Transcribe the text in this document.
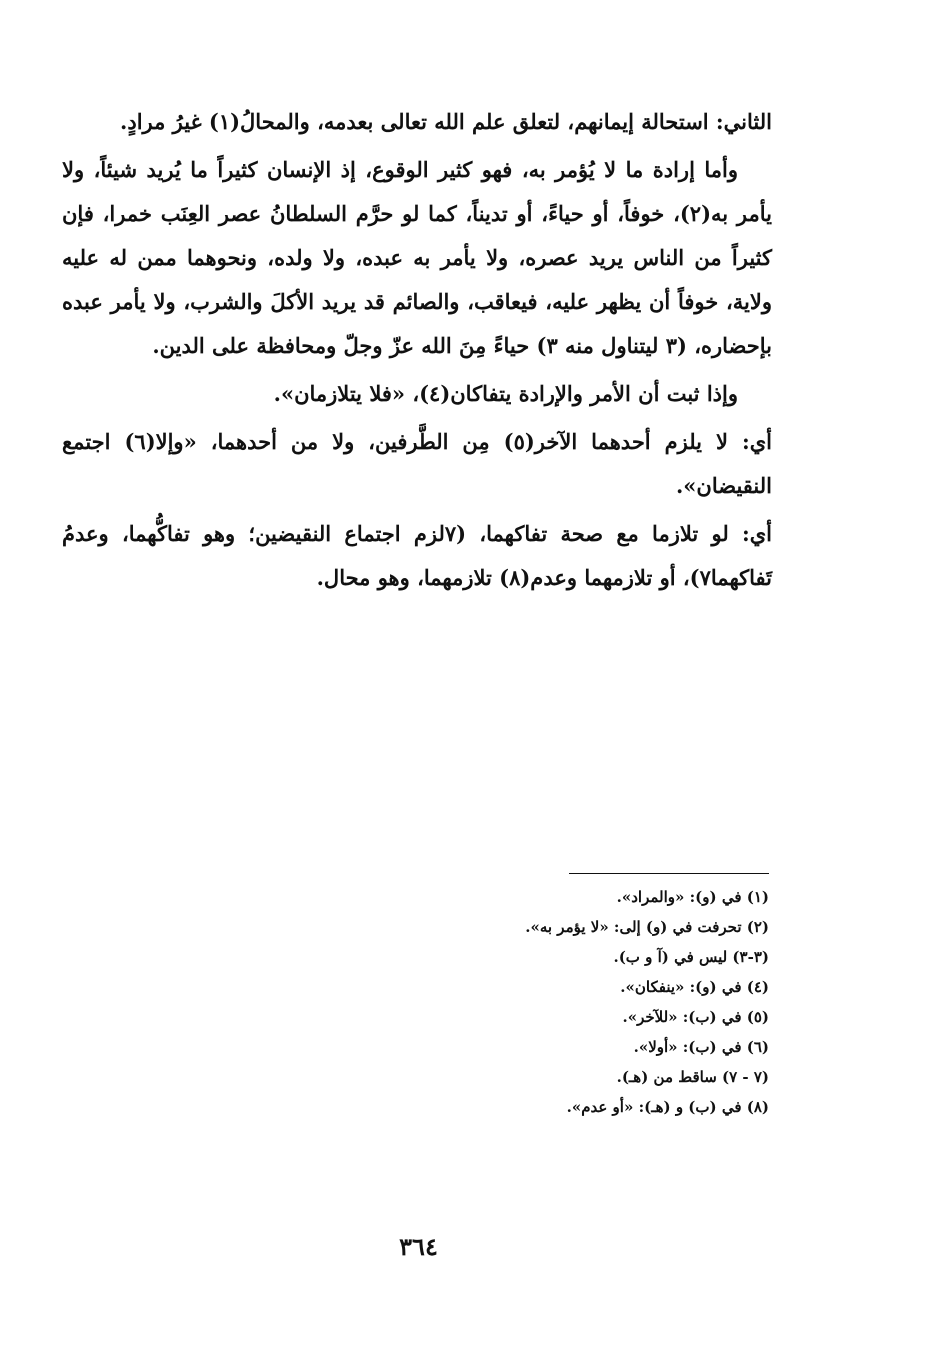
الثاني: استحالة إيمانهم، لتعلق علم الله تعالى بعدمه، والمحالُ(١) غيرُ مرادٍ.

وأما إرادة ما لا يُؤمر به، فهو كثير الوقوع، إذ الإنسان كثيراً ما يُريد شيئاً، ولا يأمر به(٢)، خوفاً، أو حياءً، أو تديناً، كما لو حرَّم السلطانُ عصر العِنَب خمرا، فإن كثيراً من الناس يريد عصره، ولا يأمر به عبده، ولا ولده، ونحوهما ممن له عليه ولاية، خوفاً أن يظهر عليه، فيعاقب، والصائم قد يريد الأكلَ والشرب، ولا يأمر عبده بإحضاره، (٣ ليتناول منه ٣) حياءً مِنَ الله عزّ وجلّ ومحافظة على الدين.

وإذا ثبت أن الأمر والإرادة يتفاكان(٤)، «فلا يتلازمان».

أي: لا يلزم أحدهما الآخر(٥) مِن الطَّرفين، ولا من أحدهما، «وإلا(٦) اجتمع النقيضان».

أي: لو تلازما مع صحة تفاكهما، (٧لزم اجتماع النقيضين؛ وهو تفاكُّهما، وعدمُ تَفاكهما٧)، أو تلازمهما وعدم(٨) تلازمهما، وهو محال.

(١) في (و): «والمراد».
(٢) تحرفت في (و) إلى: «لا يؤمر به».
(٣-٣) ليس في (آ و ب).
(٤) في (و): «ينفكان».
(٥) في (ب): «للآخر».
(٦) في (ب): «أولا».
(٧ - ٧) ساقط من (هـ).
(٨) في (ب) و (هـ): «أو عدم».
٣٦٤
